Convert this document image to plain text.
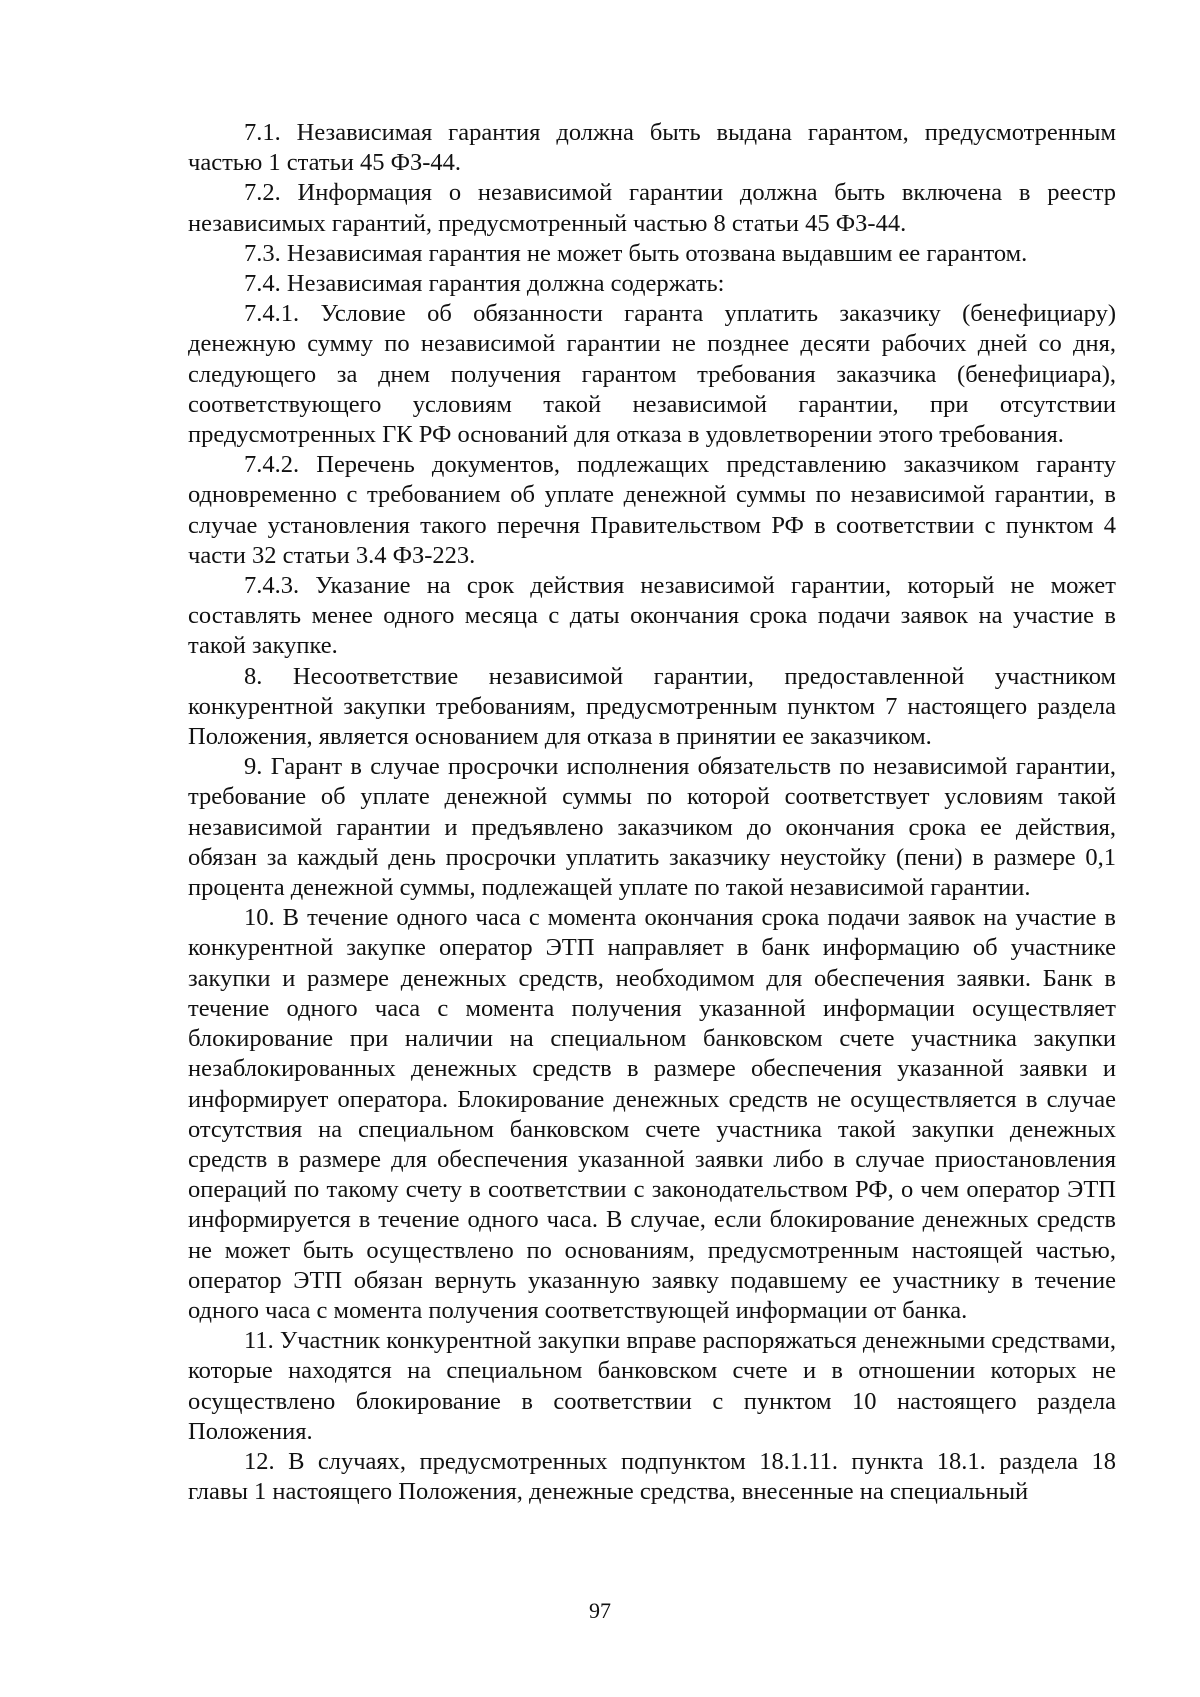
7.1. Независимая гарантия должна быть выдана гарантом, предусмотренным частью 1 статьи 45 ФЗ-44.

7.2. Информация о независимой гарантии должна быть включена в реестр независимых гарантий, предусмотренный частью 8 статьи 45 ФЗ-44.

7.3. Независимая гарантия не может быть отозвана выдавшим ее гарантом.

7.4. Независимая гарантия должна содержать:

7.4.1. Условие об обязанности гаранта уплатить заказчику (бенефициару) денежную сумму по независимой гарантии не позднее десяти рабочих дней со дня, следующего за днем получения гарантом требования заказчика (бенефициара), соответствующего условиям такой независимой гарантии, при отсутствии предусмотренных ГК РФ оснований для отказа в удовлетворении этого требования.

7.4.2. Перечень документов, подлежащих представлению заказчиком гаранту одновременно с требованием об уплате денежной суммы по независимой гарантии, в случае установления такого перечня Правительством РФ в соответствии с пунктом 4 части 32 статьи 3.4 ФЗ-223.

7.4.3. Указание на срок действия независимой гарантии, который не может составлять менее одного месяца с даты окончания срока подачи заявок на участие в такой закупке.

8. Несоответствие независимой гарантии, предоставленной участником конкурентной закупки требованиям, предусмотренным пунктом 7 настоящего раздела Положения, является основанием для отказа в принятии ее заказчиком.

9. Гарант в случае просрочки исполнения обязательств по независимой гарантии, требование об уплате денежной суммы по которой соответствует условиям такой независимой гарантии и предъявлено заказчиком до окончания срока ее действия, обязан за каждый день просрочки уплатить заказчику неустойку (пени) в размере 0,1 процента денежной суммы, подлежащей уплате по такой независимой гарантии.

10. В течение одного часа с момента окончания срока подачи заявок на участие в конкурентной закупке оператор ЭТП направляет в банк информацию об участнике закупки и размере денежных средств, необходимом для обеспечения заявки. Банк в течение одного часа с момента получения указанной информации осуществляет блокирование при наличии на специальном банковском счете участника закупки незаблокированных денежных средств в размере обеспечения указанной заявки и информирует оператора. Блокирование денежных средств не осуществляется в случае отсутствия на специальном банковском счете участника такой закупки денежных средств в размере для обеспечения указанной заявки либо в случае приостановления операций по такому счету в соответствии с законодательством РФ, о чем оператор ЭТП информируется в течение одного часа. В случае, если блокирование денежных средств не может быть осуществлено по основаниям, предусмотренным настоящей частью, оператор ЭТП обязан вернуть указанную заявку подавшему ее участнику в течение одного часа с момента получения соответствующей информации от банка.

11. Участник конкурентной закупки вправе распоряжаться денежными средствами, которые находятся на специальном банковском счете и в отношении которых не осуществлено блокирование в соответствии с пунктом 10 настоящего раздела Положения.

12. В случаях, предусмотренных подпунктом 18.1.11. пункта 18.1. раздела 18 главы 1 настоящего Положения, денежные средства, внесенные на специальный

97
